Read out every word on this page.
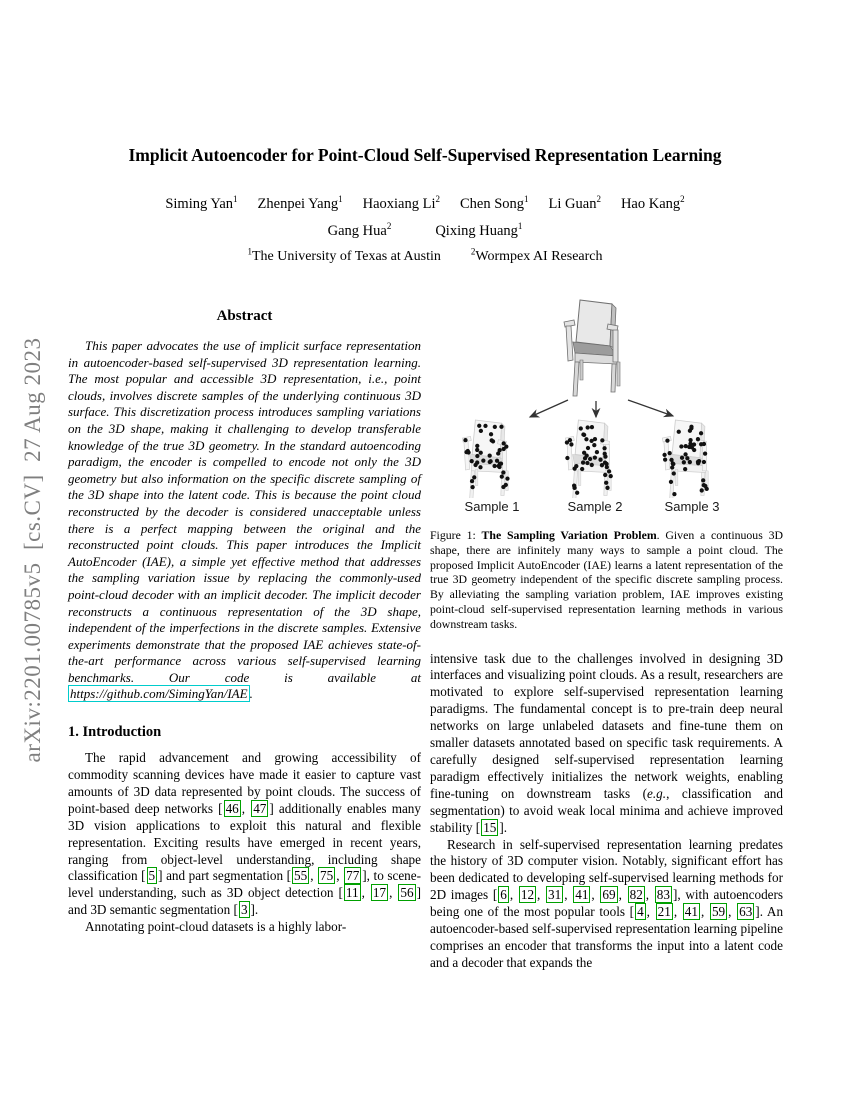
arXiv:2201.00785v5  [cs.CV]  27 Aug 2023
Implicit Autoencoder for Point-Cloud Self-Supervised Representation Learning
Siming Yan$^1$ Zhenpei Yang$^1$ Haoxiang Li$^2$ Chen Song$^1$ Li Guan$^2$ Hao Kang$^2$
Gang Hua$^2$	Qixing Huang$^1$
$^1$The University of Texas at Austin	$^2$Wormpex AI Research
Abstract

This paper advocates the use of implicit surface representation in autoencoder-based self-supervised 3D representation learning. The most popular and accessible 3D representation, i.e., point clouds, involves discrete samples of the underlying continuous 3D surface. This discretization process introduces sampling variations on the 3D shape, making it challenging to develop transferable knowledge of the true 3D geometry. In the standard autoencoding paradigm, the encoder is compelled to encode not only the 3D geometry but also information on the specific discrete sampling of the 3D shape into the latent code. This is because the point cloud reconstructed by the decoder is considered unacceptable unless there is a perfect mapping between the original and the reconstructed point clouds. This paper introduces the Implicit AutoEncoder (IAE), a simple yet effective method that addresses the sampling variation issue by replacing the commonly-used point-cloud decoder with an implicit decoder. The implicit decoder reconstructs a continuous representation of the 3D shape, independent of the imperfections in the discrete samples. Extensive experiments demonstrate that the proposed IAE achieves state-of-the-art performance across various self-supervised learning benchmarks. Our code is available at https://github.com/SimingYan/IAE .

1. Introduction

The rapid advancement and growing accessibility of commodity scanning devices have made it easier to capture vast amounts of 3D data represented by point clouds. The success of point-based deep networks [ 46 , 47 ] additionally enables many 3D vision applications to exploit this natural and flexible representation. Exciting results have emerged in recent years, ranging from object-level understanding, including shape classification [ 5 ] and part segmentation [ 55 , 75 , 77 ], to scene-level understanding, such as 3D object detection [ 11 , 17 , 56 ] and 3D semantic segmentation [ 3 ].

Annotating point-cloud datasets is a highly labor-

Sample 1	Sample 2	Sample 3

Figure 1: The Sampling Variation Problem. Given a continuous 3D shape, there are infinitely many ways to sample a point cloud. The proposed Implicit AutoEncoder (IAE) learns a latent representation of the true 3D geometry independent of the specific discrete sampling process. By alleviating the sampling variation problem, IAE improves existing point-cloud self-supervised representation learning methods in various downstream tasks.

intensive task due to the challenges involved in designing 3D interfaces and visualizing point clouds. As a result, researchers are motivated to explore self-supervised representation learning paradigms. The fundamental concept is to pre-train deep neural networks on large unlabeled datasets and fine-tune them on smaller datasets annotated based on specific task requirements. A carefully designed self-supervised representation learning paradigm effectively initializes the network weights, enabling fine-tuning on downstream tasks (e.g., classification and segmentation) to avoid weak local minima and achieve improved stability [ 15 ].

Research in self-supervised representation learning predates the history of 3D computer vision. Notably, significant effort has been dedicated to developing self-supervised learning methods for 2D images [ 6 , 12 , 31 , 41 , 69 , 82 , 83 ], with autoencoders being one of the most popular tools [ 4 , 21 , 41 , 59 , 63 ]. An autoencoder-based self-supervised representation learning pipeline comprises an encoder that transforms the input into a latent code and a decoder that expands the
